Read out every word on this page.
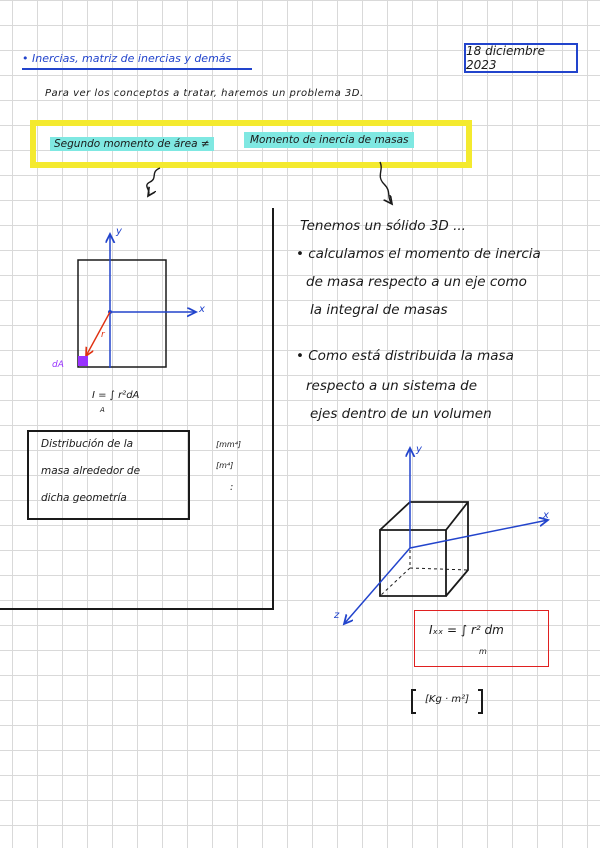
• Inercias, matriz de inercias y demás
18 diciembre 2023
Para ver los conceptos a tratar, haremos un problema 3D.
Segundo momento de área ≠	Momento de inercia de masas
y
x
r
dA
I = ∫ r²dA
A
Distribución de la
masa alrededor de
dicha geometría
[mm⁴]
[m⁴]
:
Tenemos un sólido 3D ...
• calculamos el momento de inercia
de masa respecto a un eje como
la integral de masas
• Como está distribuida la masa
respecto a un sistema de
ejes dentro de un volumen
y
x
z
Iₓₓ = ∫ r² dm
m
[Kg · m²]
